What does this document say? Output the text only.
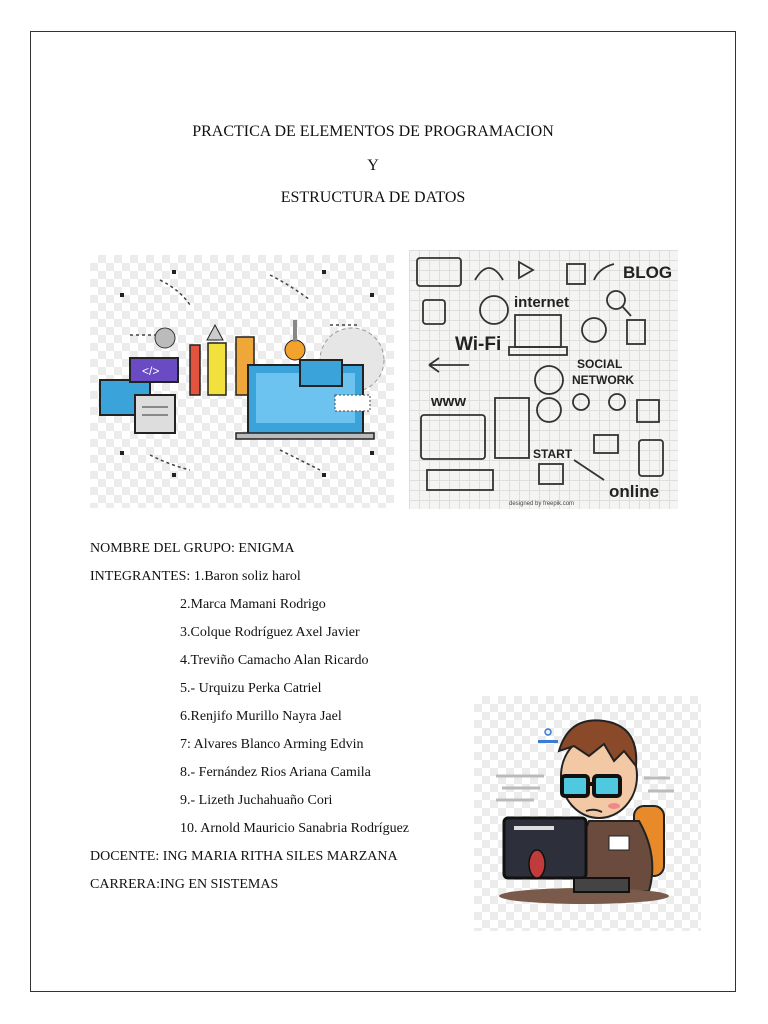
PRACTICA DE ELEMENTOS DE PROGRAMACION
Y
ESTRUCTURA DE DATOS
</>
internet
BLOG
Wi-Fi
SOCIAL
NETWORK
www
START
online
designed by freepik.com
NOMBRE DEL GRUPO: ENIGMA
INTEGRANTES: 1.Baron soliz harol
2.Marca Mamani Rodrigo
3.Colque Rodríguez Axel Javier
4.Treviño Camacho Alan Ricardo
5.- Urquizu Perka Catriel
6.Renjifo Murillo Nayra Jael
7: Alvares Blanco Arming Edvin
8.- Fernández Rios Ariana Camila
9.- Lizeth Juchahuaño Cori
10. Arnold Mauricio Sanabria Rodríguez
DOCENTE: ING MARIA RITHA SILES MARZANA
CARRERA:ING EN SISTEMAS
